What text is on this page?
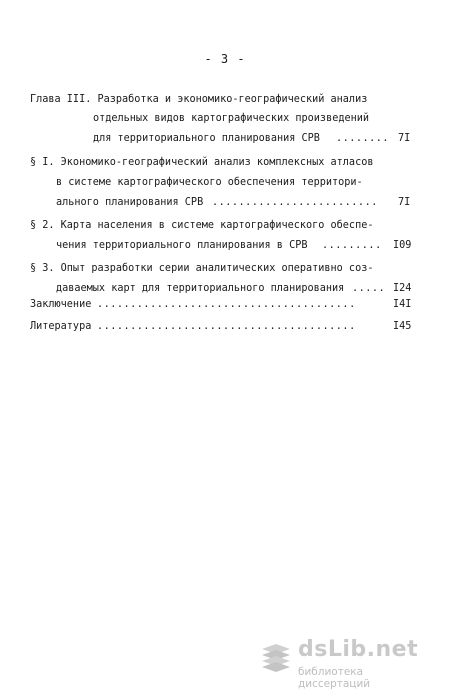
- 3 -
Глава III. Разработка и экономико-географический анализ
отдельных видов картографических произведений
для территориального планирования СРВ ........ 7I
§ I. Экономико-географический анализ комплексных атласов
в системе картографического обеспечения территори-
ального планирования СРВ .........................	7I
§ 2. Карта населения в системе картографического обеспе-
чения территориального планирования в СРВ .........	I09
§ 3. Опыт разработки серии аналитических оперативно соз-
даваемых карт для территориального планирования ..... I24
Заключение .......................................	I4I
Литература .......................................	I45
dsLib.net
библиотека диссертаций
